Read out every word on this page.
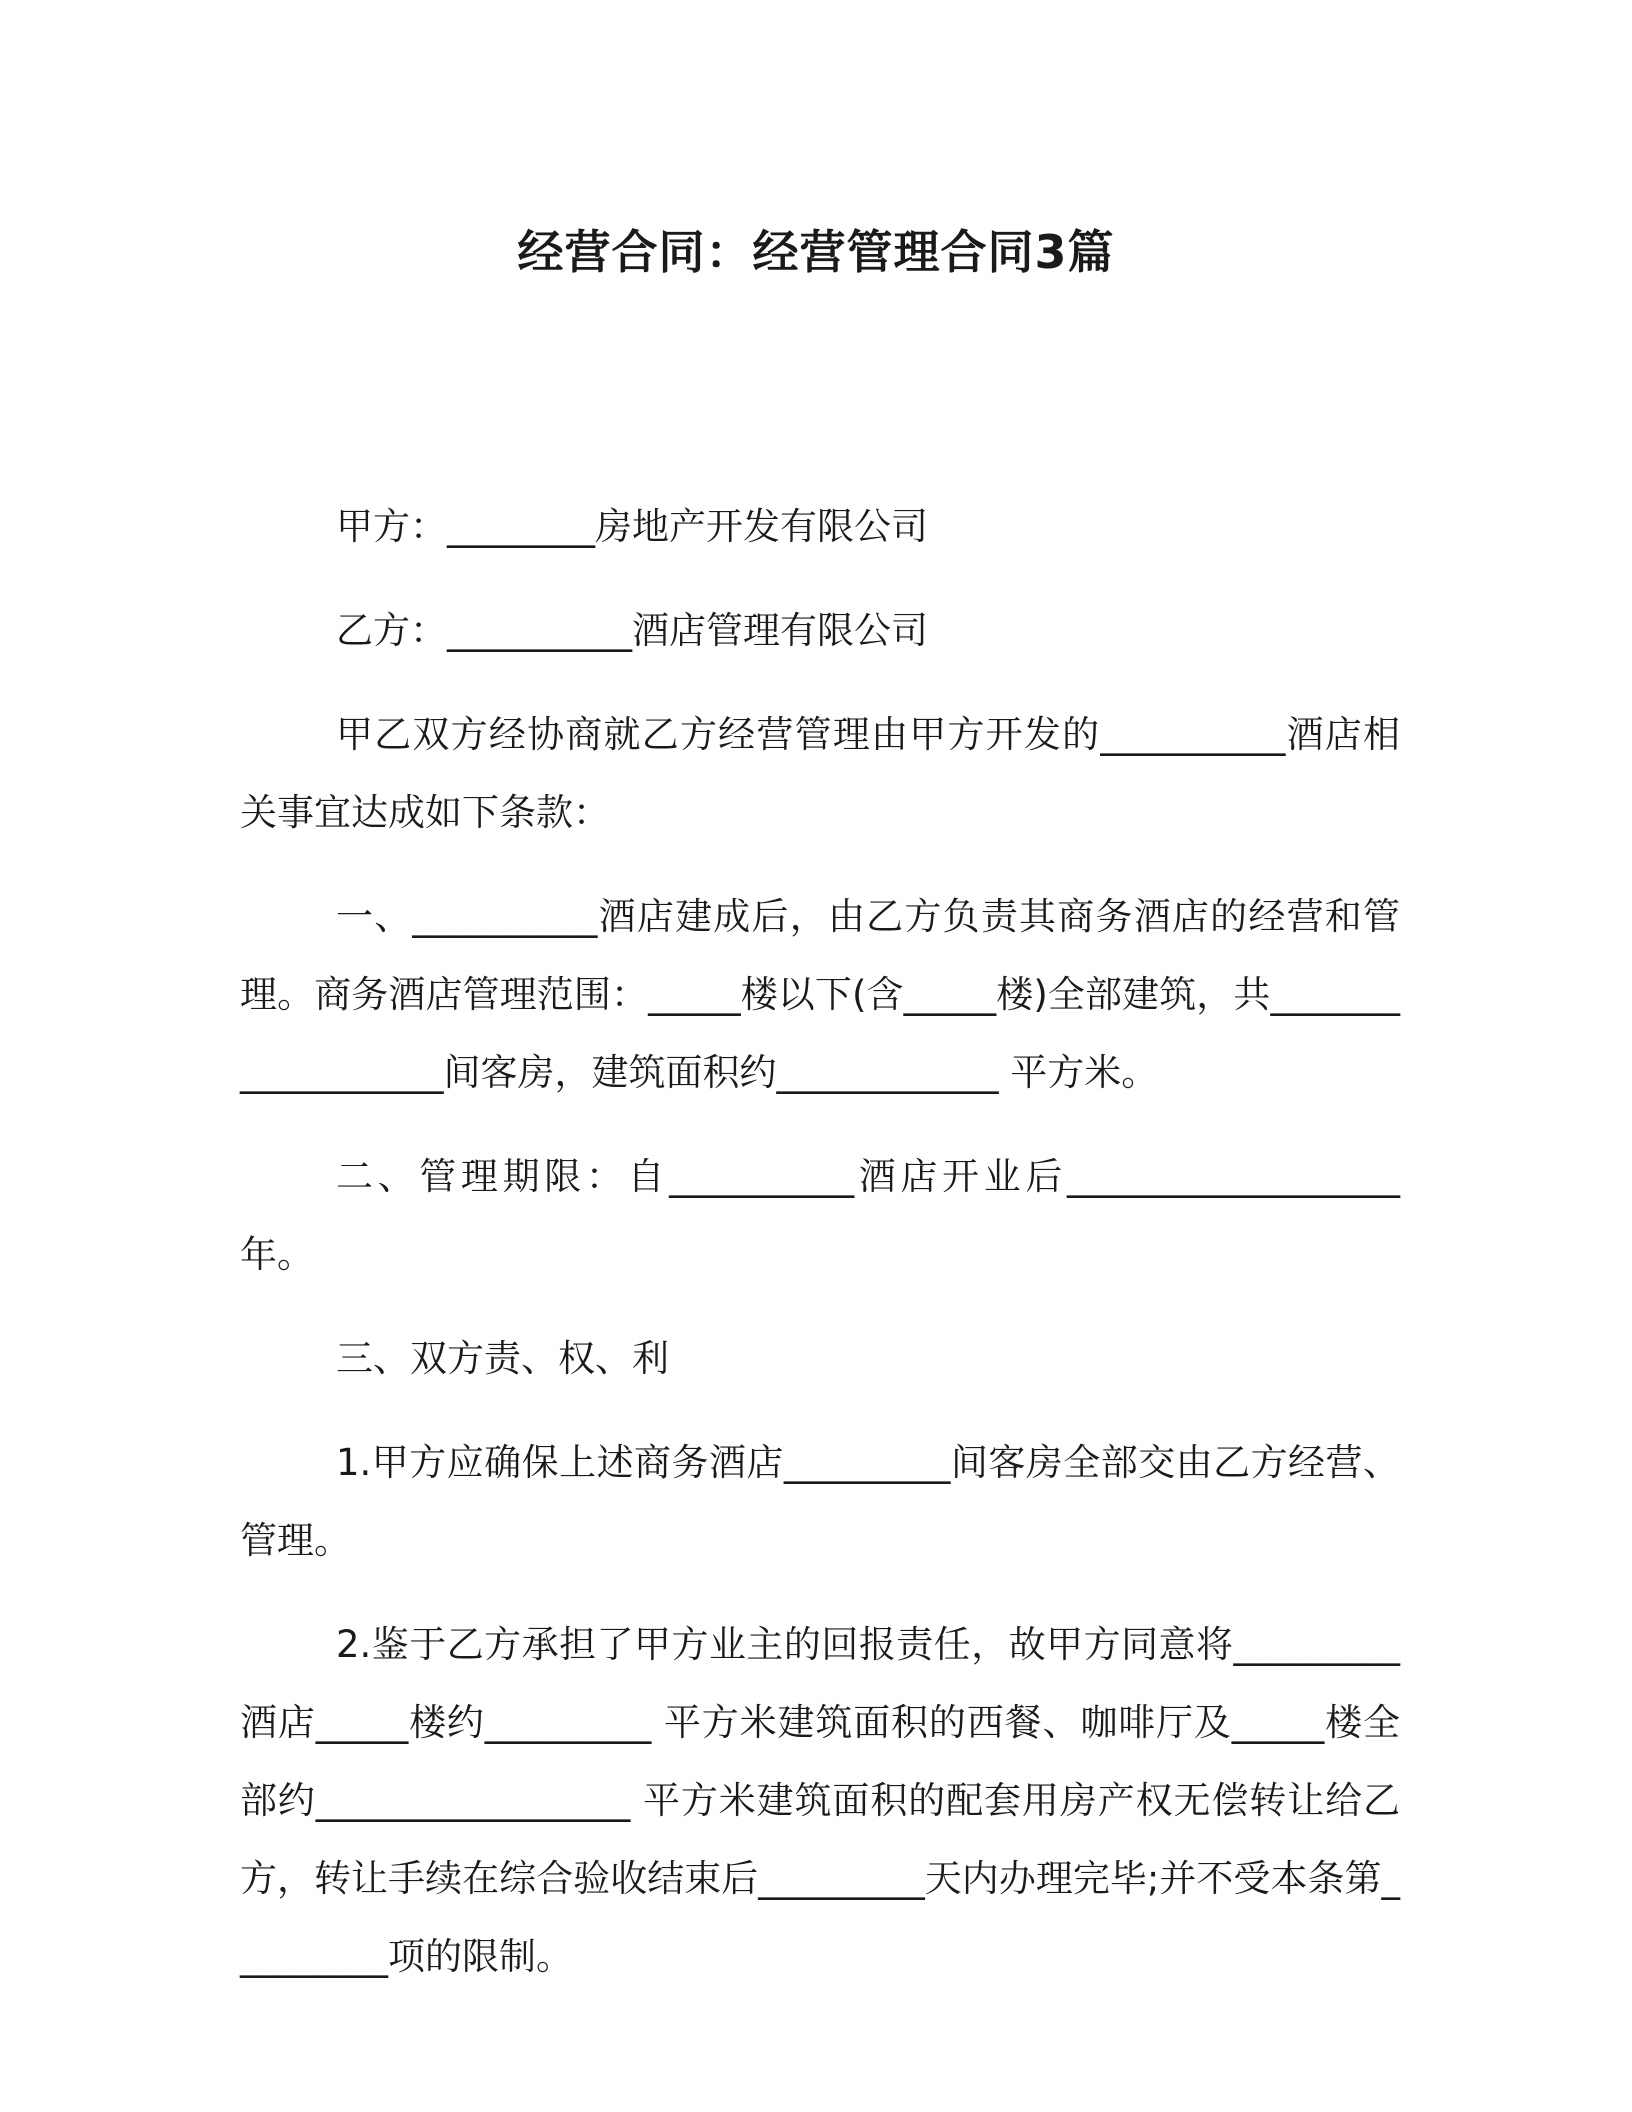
经营合同：经营管理合同3篇

甲方：________房地产开发有限公司

乙方：__________酒店管理有限公司

甲乙双方经协商就乙方经营管理由甲方开发的__________酒店相关事宜达成如下条款：

一、__________酒店建成后，由乙方负责其商务酒店的经营和管理。商务酒店管理范围：_____楼以下(含_____楼)全部建筑，共__________________间客房，建筑面积约____________ 平方米。

二、管理期限：自__________酒店开业后__________________年。

三、双方责、权、利

1.甲方应确保上述商务酒店_________间客房全部交由乙方经营、管理。

2.鉴于乙方承担了甲方业主的回报责任，故甲方同意将_________酒店_____楼约_________ 平方米建筑面积的西餐、咖啡厅及_____楼全部约_________________ 平方米建筑面积的配套用房产权无偿转让给乙方，转让手续在综合验收结束后_________天内办理完毕;并不受本条第_________项的限制。
